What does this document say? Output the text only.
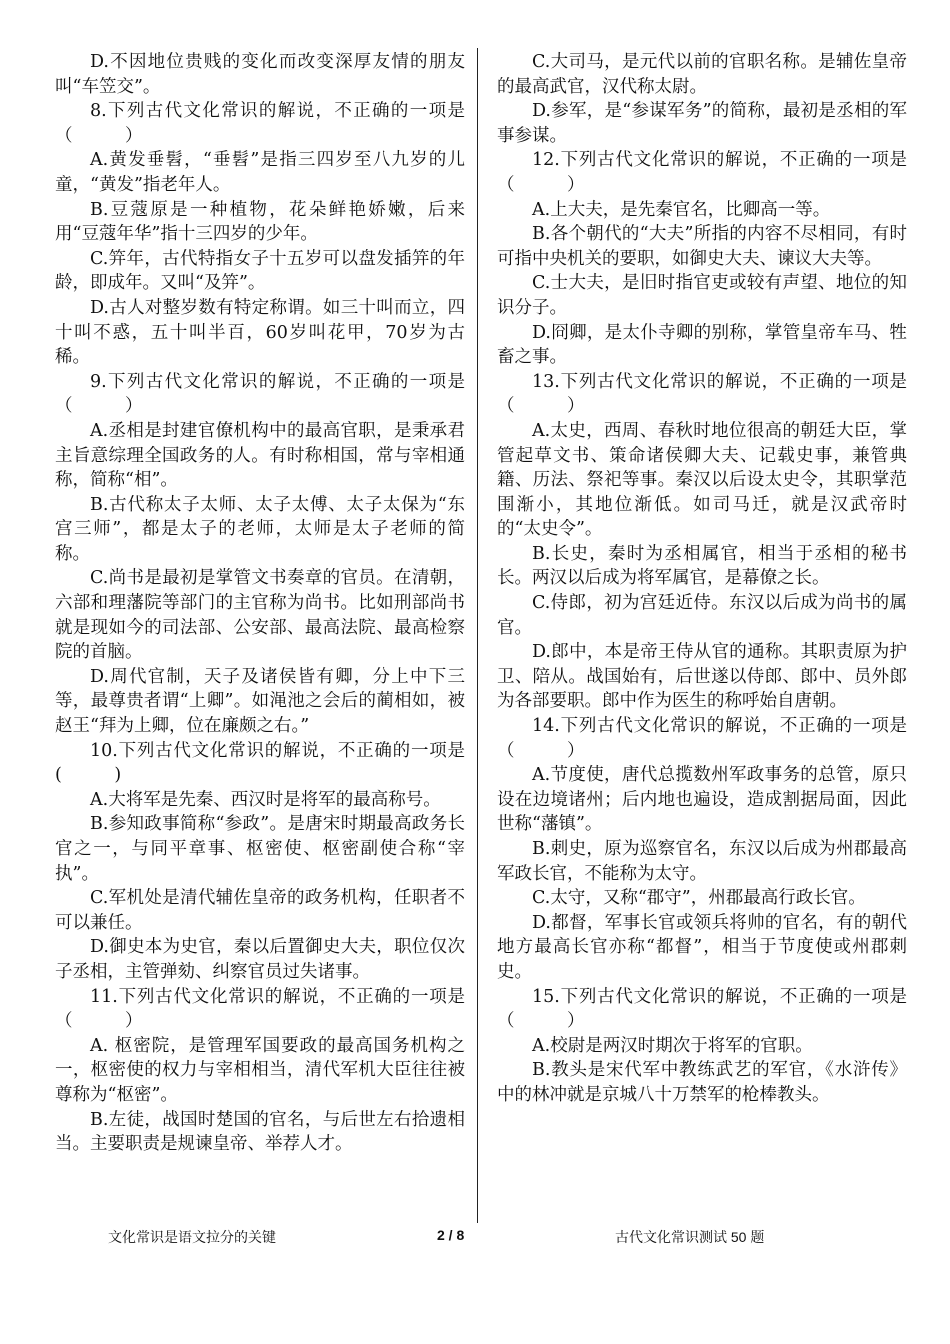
D.不因地位贵贱的变化而改变深厚友情的朋友叫“车笠交”。

8.下列古代文化常识的解说，不正确的一项是（　　　）

A.黄发垂髫，“垂髫”是指三四岁至八九岁的儿童，“黄发”指老年人。

B.豆蔻原是一种植物，花朵鲜艳娇嫩，后来用“豆蔻年华”指十三四岁的少年。

C.笄年，古代特指女子十五岁可以盘发插笄的年龄，即成年。又叫“及笄”。

D.古人对整岁数有特定称谓。如三十叫而立，四十叫不惑，五十叫半百，60岁叫花甲，70岁为古稀。

9.下列古代文化常识的解说，不正确的一项是（　　　）

A.丞相是封建官僚机构中的最高官职，是秉承君主旨意综理全国政务的人。有时称相国，常与宰相通称，简称“相”。

B.古代称太子太师、太子太傅、太子太保为“东宫三师”，都是太子的老师，太师是太子老师的简称。

C.尚书是最初是掌管文书奏章的官员。在清朝，六部和理藩院等部门的主官称为尚书。比如刑部尚书就是现如今的司法部、公安部、最高法院、最高检察院的首脑。

D.周代官制，天子及诸侯皆有卿，分上中下三等，最尊贵者谓“上卿”。如渑池之会后的蔺相如，被赵王“拜为上卿，位在廉颇之右。”

10.下列古代文化常识的解说，不正确的一项是(　　　)

A.大将军是先秦、西汉时是将军的最高称号。

B.参知政事简称“参政”。是唐宋时期最高政务长官之一，与同平章事、枢密使、枢密副使合称“宰执”。

C.军机处是清代辅佐皇帝的政务机构，任职者不可以兼任。

D.御史本为史官，秦以后置御史大夫，职位仅次子丞相，主管弹劾、纠察官员过失诸事。

11.下列古代文化常识的解说，不正确的一项是（　　　）

A. 枢密院，是管理军国要政的最高国务机构之一，枢密使的权力与宰相相当，清代军机大臣往往被尊称为“枢密”。

B.左徒，战国时楚国的官名，与后世左右拾遗相当。主要职责是规谏皇帝、举荐人才。

C.大司马，是元代以前的官职名称。是辅佐皇帝的最高武官，汉代称太尉。

D.参军，是“参谋军务”的简称，最初是丞相的军事参谋。

12.下列古代文化常识的解说，不正确的一项是（　　　）

A.上大夫，是先秦官名，比卿高一等。

B.各个朝代的“大夫”所指的内容不尽相同，有时可指中央机关的要职，如御史大夫、谏议大夫等。

C.士大夫，是旧时指官吏或较有声望、地位的知识分子。

D.冏卿，是太仆寺卿的别称，掌管皇帝车马、牲畜之事。

13.下列古代文化常识的解说，不正确的一项是（　　　）

A.太史，西周、春秋时地位很高的朝廷大臣，掌管起草文书、策命诸侯卿大夫、记载史事，兼管典籍、历法、祭祀等事。秦汉以后设太史令，其职掌范围渐小，其地位渐低。如司马迁，就是汉武帝时的“太史令”。

B.长史，秦时为丞相属官，相当于丞相的秘书长。两汉以后成为将军属官，是幕僚之长。

C.侍郎，初为宫廷近侍。东汉以后成为尚书的属官。

D.郎中，本是帝王侍从官的通称。其职责原为护卫、陪从。战国始有，后世遂以侍郎、郎中、员外郎为各部要职。郎中作为医生的称呼始自唐朝。

14.下列古代文化常识的解说，不正确的一项是（　　　）

A.节度使，唐代总揽数州军政事务的总管，原只设在边境诸州；后内地也遍设，造成割据局面，因此世称“藩镇”。

B.刺史，原为巡察官名，东汉以后成为州郡最高军政长官，不能称为太守。

C.太守，又称“郡守”，州郡最高行政长官。

D.都督，军事长官或领兵将帅的官名，有的朝代地方最高长官亦称“都督”，相当于节度使或州郡刺史。

15.下列古代文化常识的解说，不正确的一项是（　　　）

A.校尉是两汉时期次于将军的官职。

B.教头是宋代军中教练武艺的军官，《水浒传》中的林冲就是京城八十万禁军的枪棒教头。

文化常识是语文拉分的关键	2 / 8	古代文化常识测试 50 题
